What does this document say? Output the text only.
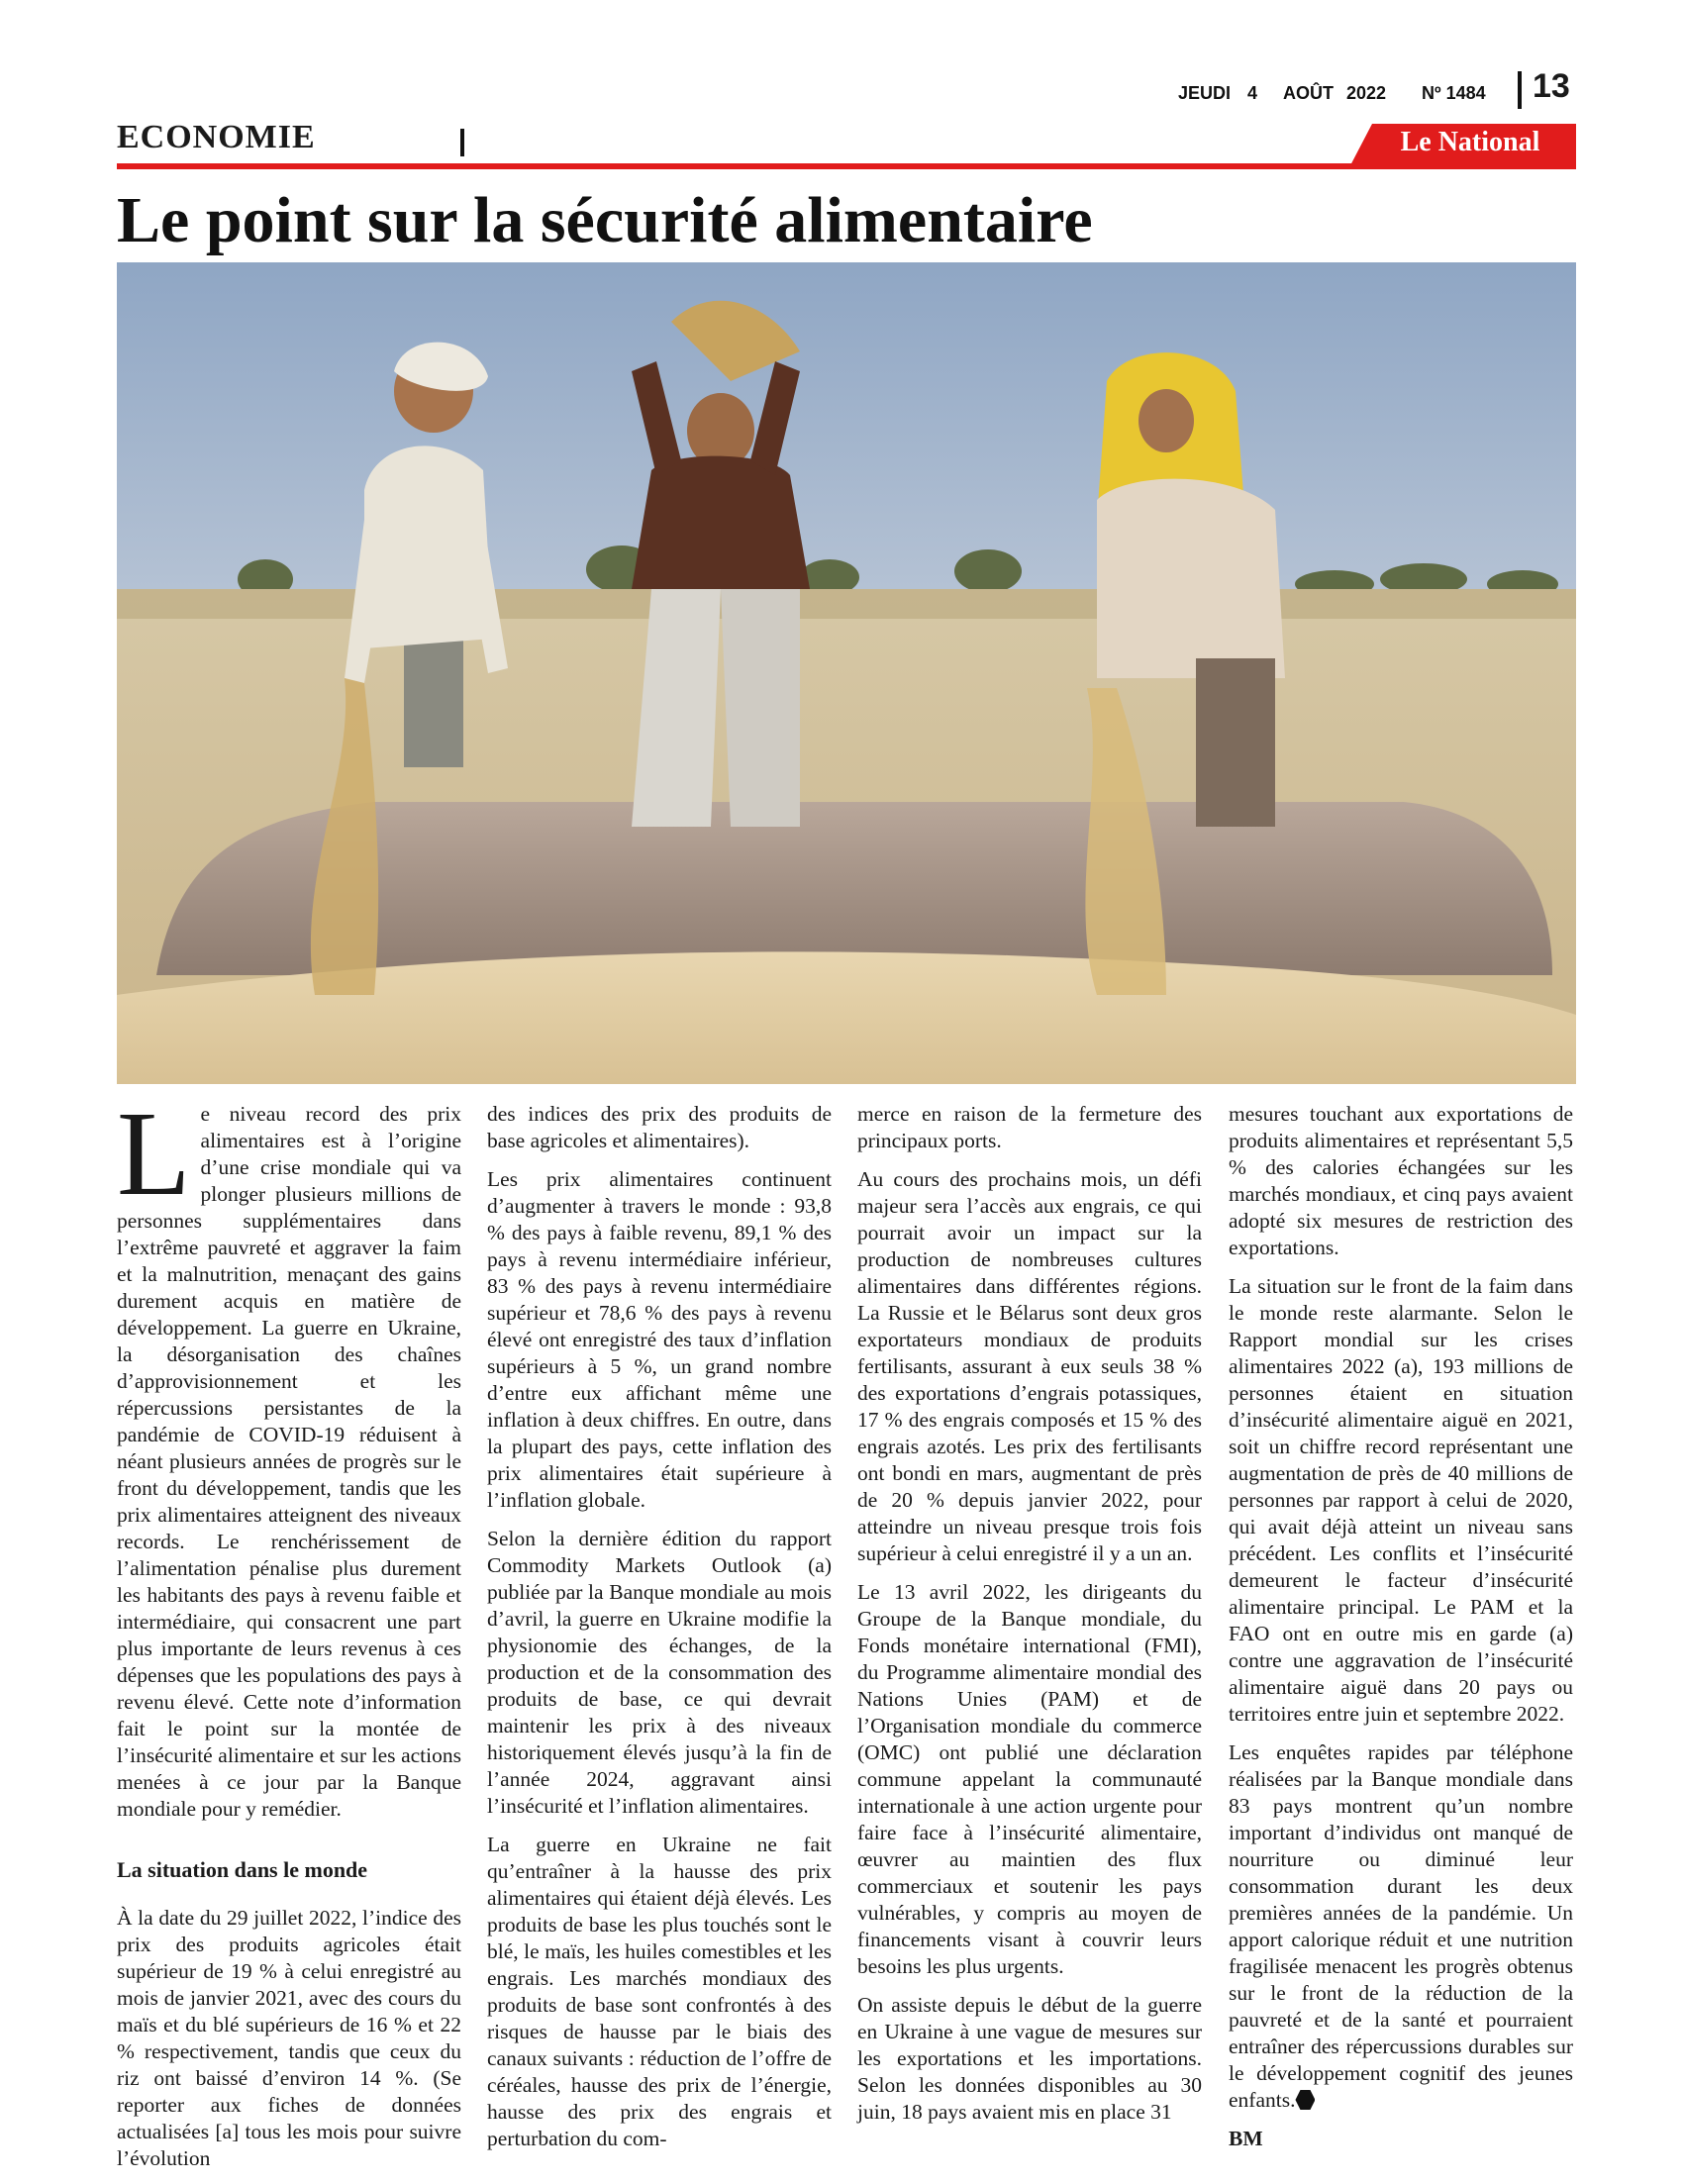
JEUDI 4 AOÛT 2022 Nº 1484 13
ECONOMIE	Le National
Le point sur la sécurité alimentaire

Le niveau record des prix alimentaires est à l’origine d’une crise mondiale qui va plonger plusieurs millions de personnes supplémentaires dans l’extrême pauvreté et aggraver la faim et la malnutrition, menaçant des gains durement acquis en matière de développement. La guerre en Ukraine, la désorganisation des chaînes d’approvisionnement et les répercussions persistantes de la pandémie de COVID-19 réduisent à néant plusieurs années de progrès sur le front du développement, tandis que les prix alimentaires atteignent des niveaux records. Le renchérissement de l’alimentation pénalise plus durement les habitants des pays à revenu faible et intermédiaire, qui consacrent une part plus importante de leurs revenus à ces dépenses que les populations des pays à revenu élevé. Cette note d’information fait le point sur la montée de l’insécurité alimentaire et sur les actions menées à ce jour par la Banque mondiale pour y remédier.

La situation dans le monde

À la date du 29 juillet 2022, l’indice des prix des produits agricoles était supérieur de 19 % à celui enregistré au mois de janvier 2021, avec des cours du maïs et du blé supérieurs de 16 % et 22 % respectivement, tandis que ceux du riz ont baissé d’environ 14 %. (Se reporter aux fiches de données actualisées [a] tous les mois pour suivre l’évolution

des indices des prix des produits de base agricoles et alimentaires).

Les prix alimentaires continuent d’augmenter à travers le monde : 93,8 % des pays à faible revenu, 89,1 % des pays à revenu intermédiaire inférieur, 83 % des pays à revenu intermédiaire supérieur et 78,6 % des pays à revenu élevé ont enregistré des taux d’inflation supérieurs à 5 %, un grand nombre d’entre eux affichant même une inflation à deux chiffres. En outre, dans la plupart des pays, cette inflation des prix alimentaires était supérieure à l’inflation globale.

Selon la dernière édition du rapport Commodity Markets Outlook (a) publiée par la Banque mondiale au mois d’avril, la guerre en Ukraine modifie la physionomie des échanges, de la production et de la consommation des produits de base, ce qui devrait maintenir les prix à des niveaux historiquement élevés jusqu’à la fin de l’année 2024, aggravant ainsi l’insécurité et l’inflation alimentaires.

La guerre en Ukraine ne fait qu’entraîner à la hausse des prix alimentaires qui étaient déjà élevés. Les produits de base les plus touchés sont le blé, le maïs, les huiles comestibles et les engrais. Les marchés mondiaux des produits de base sont confrontés à des risques de hausse par le biais des canaux suivants : réduction de l’offre de céréales, hausse des prix de l’énergie, hausse des prix des engrais et perturbation du com-

merce en raison de la fermeture des principaux ports.

Au cours des prochains mois, un défi majeur sera l’accès aux engrais, ce qui pourrait avoir un impact sur la production de nombreuses cultures alimentaires dans différentes régions. La Russie et le Bélarus sont deux gros exportateurs mondiaux de produits fertilisants, assurant à eux seuls 38 % des exportations d’engrais potassiques, 17 % des engrais composés et 15 % des engrais azotés. Les prix des fertilisants ont bondi en mars, augmentant de près de 20 % depuis janvier 2022, pour atteindre un niveau presque trois fois supérieur à celui enregistré il y a un an.

Le 13 avril 2022, les dirigeants du Groupe de la Banque mondiale, du Fonds monétaire international (FMI), du Programme alimentaire mondial des Nations Unies (PAM) et de l’Organisation mondiale du commerce (OMC) ont publié une déclaration commune appelant la communauté internationale à une action urgente pour faire face à l’insécurité alimentaire, œuvrer au maintien des flux commerciaux et soutenir les pays vulnérables, y compris au moyen de financements visant à couvrir leurs besoins les plus urgents.

On assiste depuis le début de la guerre en Ukraine à une vague de mesures sur les exportations et les importations. Selon les données disponibles au 30 juin, 18 pays avaient mis en place 31

mesures touchant aux exportations de produits alimentaires et représentant 5,5 % des calories échangées sur les marchés mondiaux, et cinq pays avaient adopté six mesures de restriction des exportations.

La situation sur le front de la faim dans le monde reste alarmante. Selon le Rapport mondial sur les crises alimentaires 2022 (a), 193 millions de personnes étaient en situation d’insécurité alimentaire aiguë en 2021, soit un chiffre record représentant une augmentation de près de 40 millions de personnes par rapport à celui de 2020, qui avait déjà atteint un niveau sans précédent. Les conflits et l’insécurité demeurent le facteur d’insécurité alimentaire principal. Le PAM et la FAO ont en outre mis en garde (a) contre une aggravation de l’insécurité alimentaire aiguë dans 20 pays ou territoires entre juin et septembre 2022.

Les enquêtes rapides par téléphone réalisées par la Banque mondiale dans 83 pays montrent qu’un nombre important d’individus ont manqué de nourriture ou diminué leur consommation durant les deux premières années de la pandémie. Un apport calorique réduit et une nutrition fragilisée menacent les progrès obtenus sur le front de la réduction de la pauvreté et de la santé et pourraient entraîner des répercussions durables sur le développement cognitif des jeunes enfants.

BM
